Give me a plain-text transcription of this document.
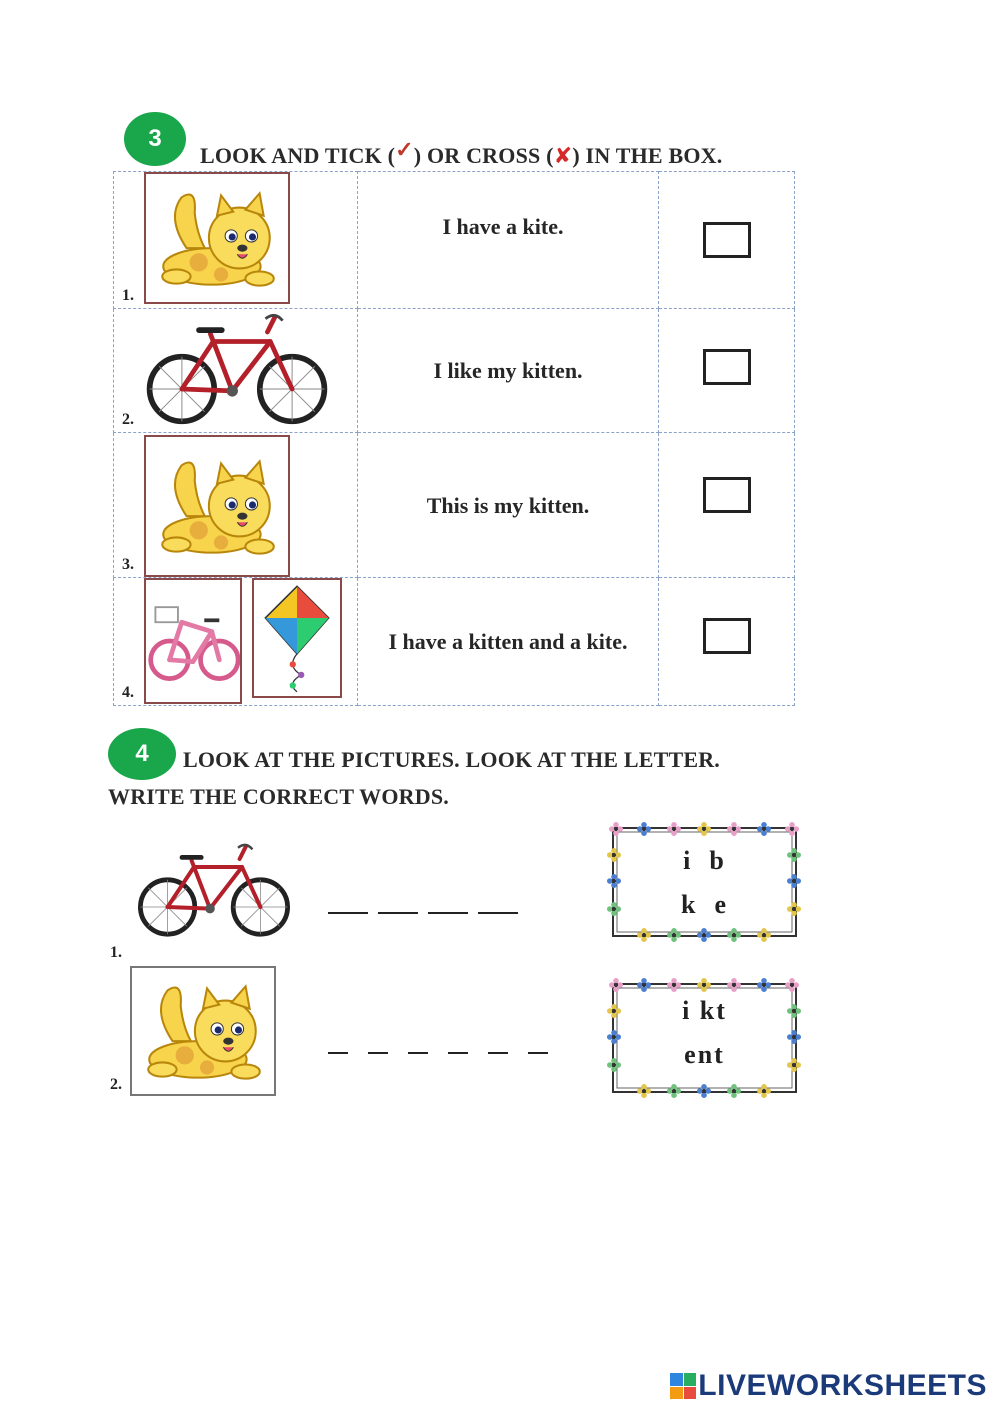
3
LOOK AND TICK (✓) OR CROSS (✘) IN THE BOX.
1.	I have a kite.	

2.	I like my kitten.	

3.	This is my kitten.	

4.	I have a kitten and a kite.	

4	LOOK AT THE PICTURES. LOOK AT THE LETTER.
WRITE THE CORRECT WORDS.
1.
i  b
k  e
2.
i kt
ent
LIVEWORKSHEETS
